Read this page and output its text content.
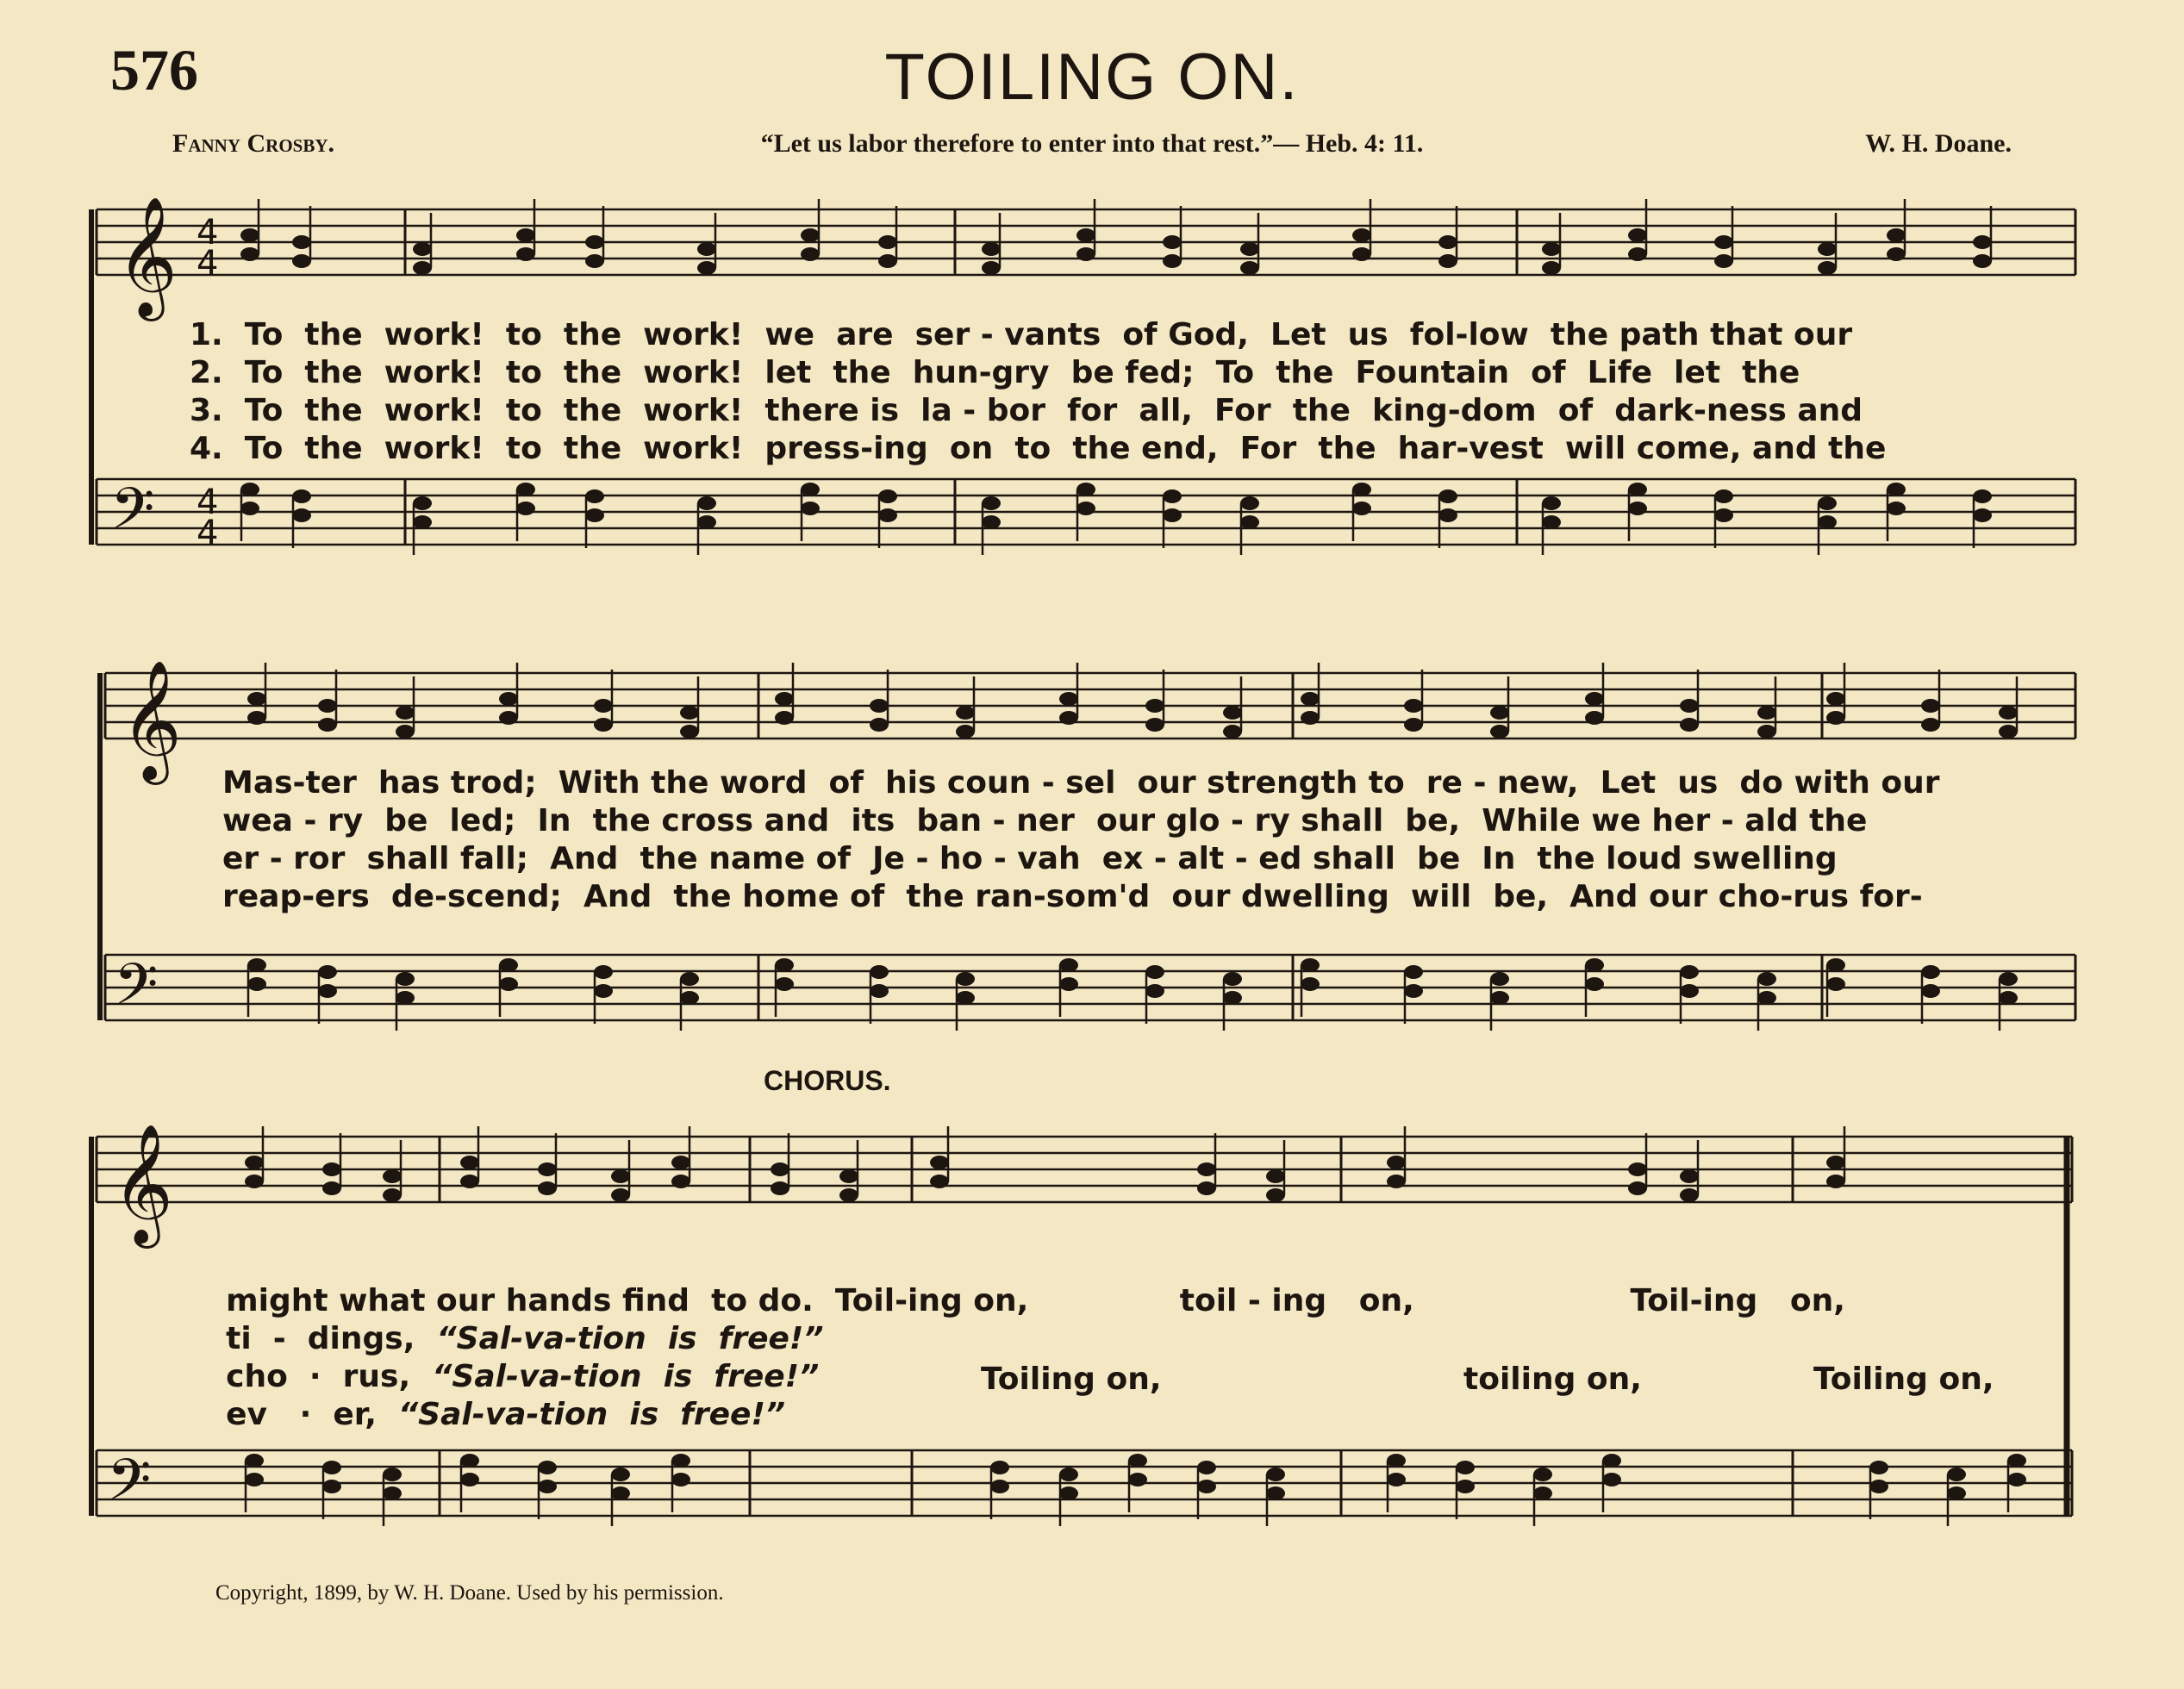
576	TOILING ON.
Fanny Crosby.	“Let us labor therefore to enter into that rest.”— Heb. 4: 11.	W. H. Doane.
𝄞
𝄢
4
4
4
4
𝄞
𝄢
𝄞
𝄢
1.  To  the  work!  to  the  work!  we  are  ser - vants  of God,  Let  us  fol-low  the path that our
2.  To  the  work!  to  the  work!  let  the  hun-gry  be fed;  To  the  Fountain  of  Life  let  the
3.  To  the  work!  to  the  work!  there is  la - bor  for  all,  For  the  king-dom  of  dark-ness and
4.  To  the  work!  to  the  work!  press-ing  on  to  the end,  For  the  har-vest  will come, and the
Mas-ter  has trod;  With the word  of  his coun - sel  our strength to  re - new,  Let  us  do with our
wea - ry  be  led;  In  the cross and  its  ban - ner  our glo - ry shall  be,  While we her - ald the
er - ror  shall fall;  And  the name of  Je - ho - vah  ex - alt - ed shall  be  In  the loud swelling
reap-ers  de-scend;  And  the home of  the ran-som'd  our dwelling  will  be,  And our cho-rus for-
CHORUS.

might what our hands find  to do. Toil-ing on,              toil - ing   on,                    Toil-ing   on,

ti  -  dings, “Sal-va-tion  is  free!”

cho  ·  rus, “Sal-va-tion  is  free!”

ev   ·  er, “Sal-va-tion  is  free!”

Toiling on,	toiling on,	Toiling on,
Copyright, 1899, by W. H. Doane. Used by his permission.
